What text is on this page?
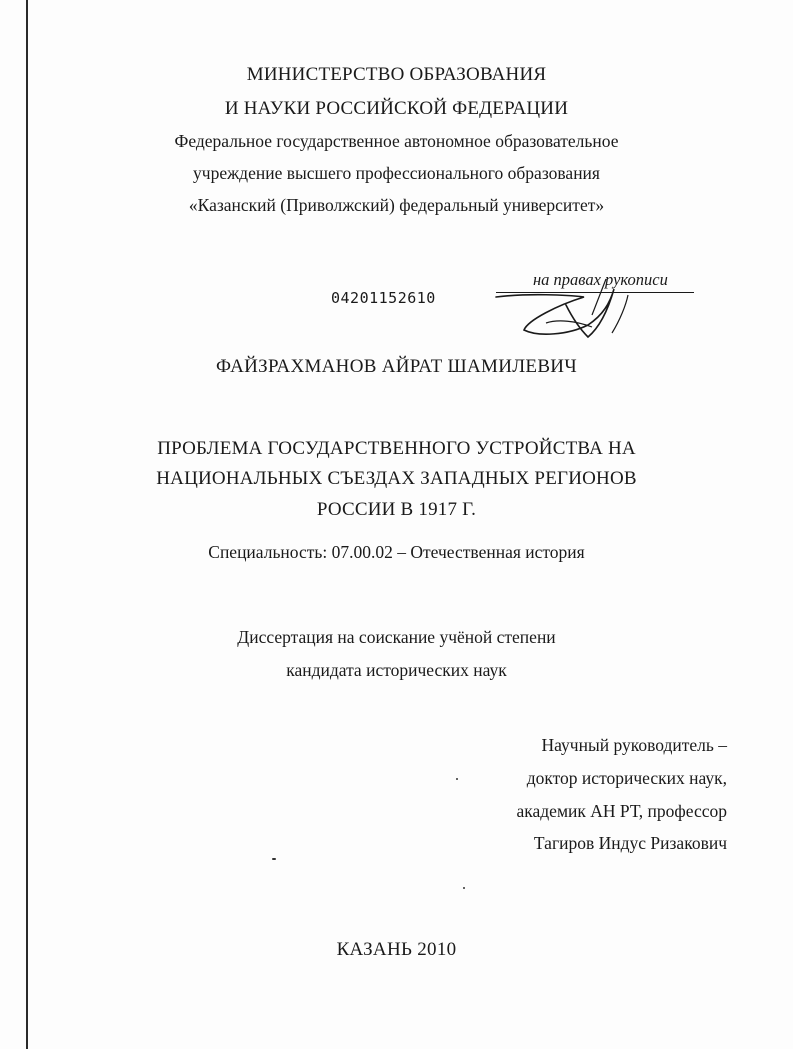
МИНИСТЕРСТВО ОБРАЗОВАНИЯ
И НАУКИ РОССИЙСКОЙ ФЕДЕРАЦИИ
Федеральное государственное автономное образовательное
учреждение высшего профессионального образования
«Казанский (Приволжский) федеральный университет»
на правах рукописи
04201152610
ФАЙЗРАХМАНОВ АЙРАТ ШАМИЛЕВИЧ
ПРОБЛЕМА ГОСУДАРСТВЕННОГО УСТРОЙСТВА НА
НАЦИОНАЛЬНЫХ СЪЕЗДАХ ЗАПАДНЫХ РЕГИОНОВ
РОССИИ В 1917 Г.
Специальность: 07.00.02 – Отечественная история
Диссертация на соискание учёной степени
кандидата исторических наук
Научный руководитель –
доктор исторических наук,
академик АН РТ, профессор
Тагиров Индус Ризакович
КАЗАНЬ 2010
